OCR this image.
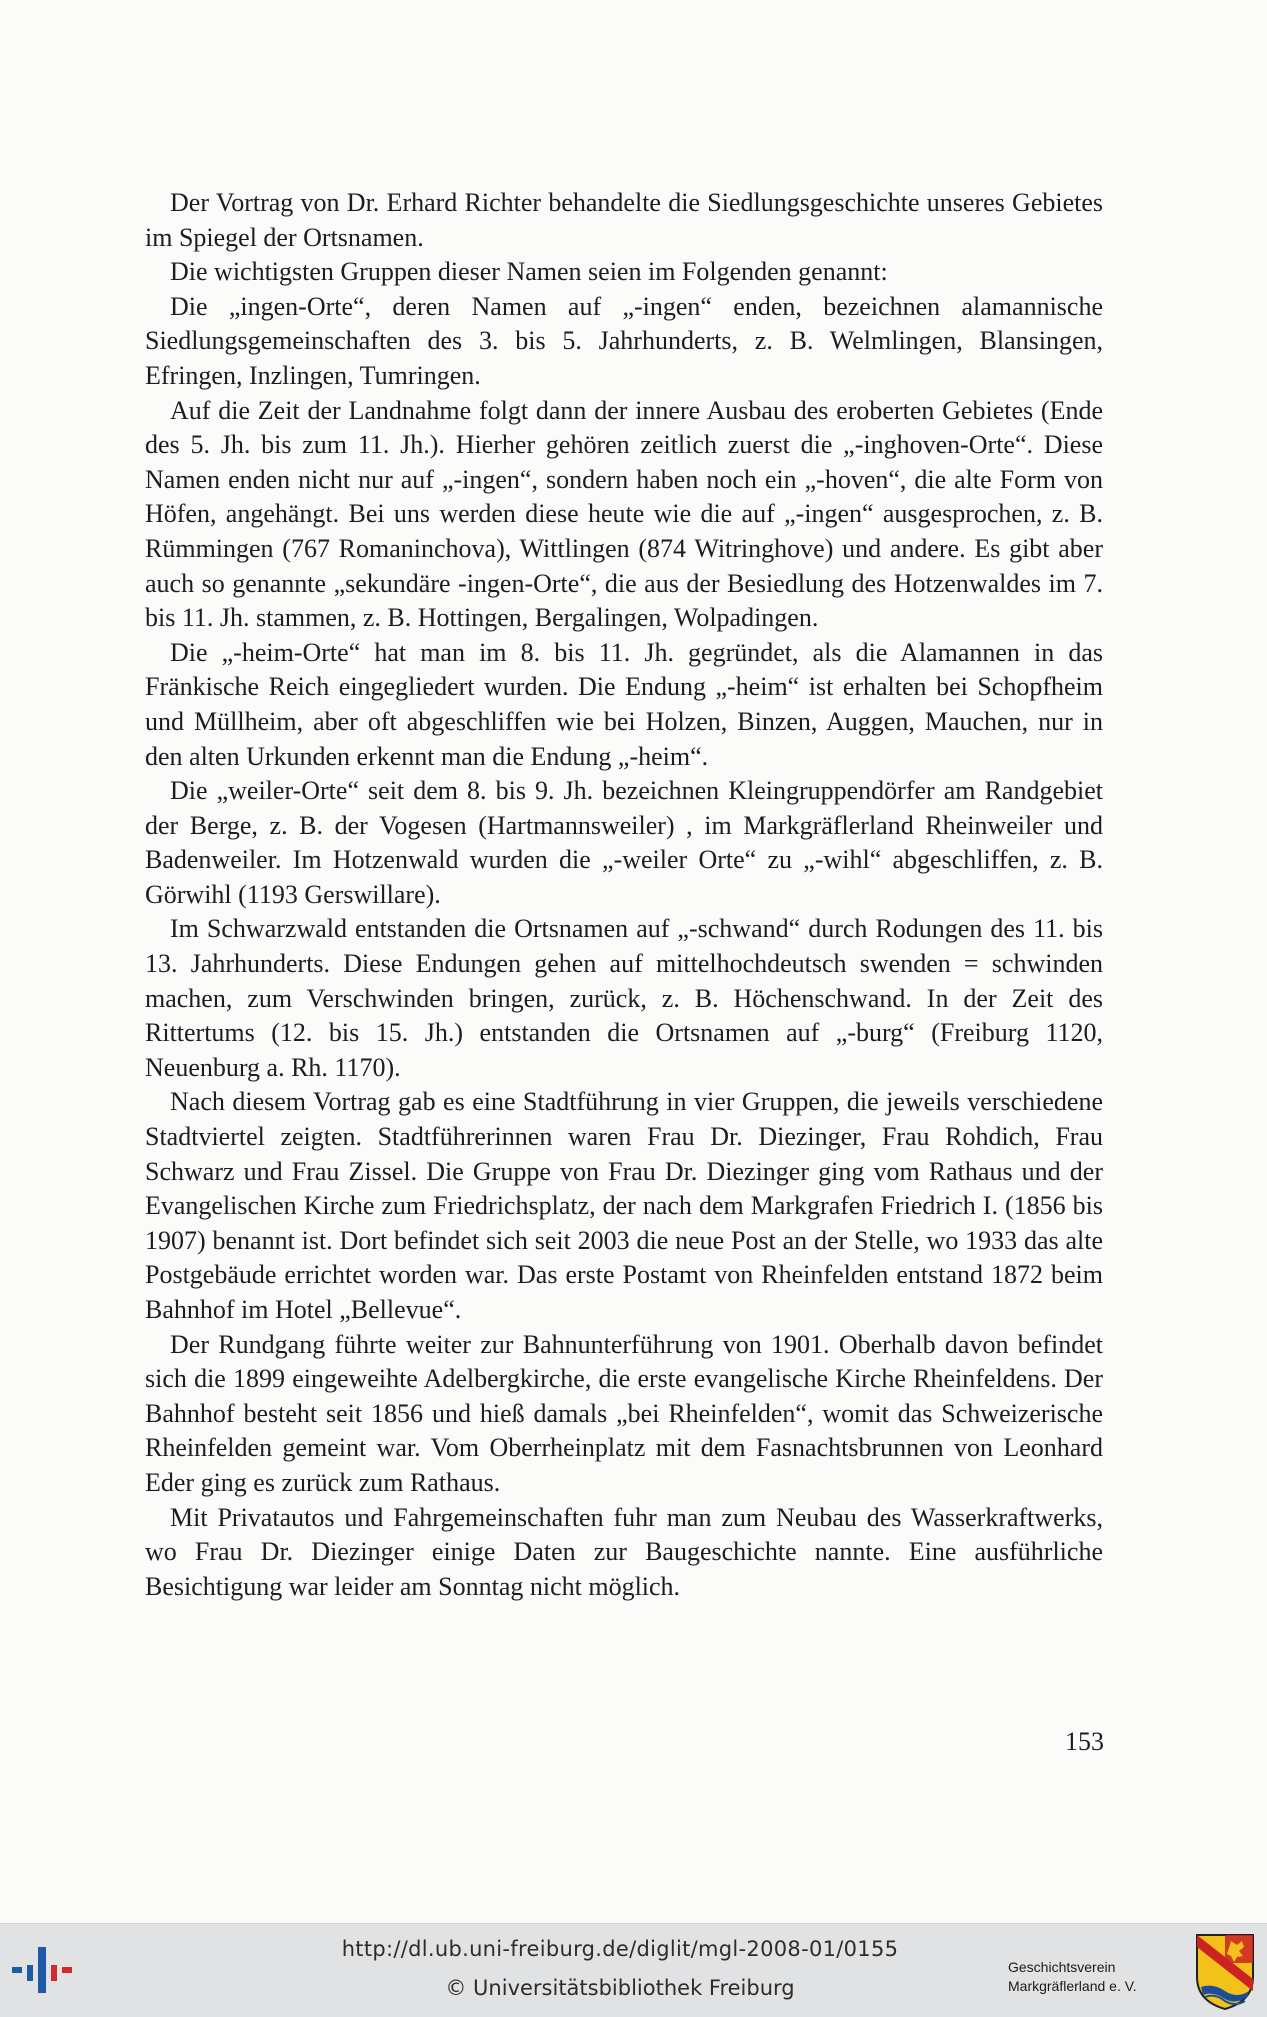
Der Vortrag von Dr. Erhard Richter behandelte die Siedlungsgeschichte unseres Gebietes im Spiegel der Ortsnamen.

Die wichtigsten Gruppen dieser Namen seien im Folgenden genannt:

Die „ingen-Orte“, deren Namen auf „-ingen“ enden, bezeichnen alamannische Siedlungsgemeinschaften des 3. bis 5. Jahrhunderts, z. B. Welmlingen, Blansingen, Efringen, Inzlingen, Tumringen.

Auf die Zeit der Landnahme folgt dann der innere Ausbau des eroberten Gebietes (Ende des 5. Jh. bis zum 11. Jh.). Hierher gehören zeitlich zuerst die „-inghoven-Orte“. Diese Namen enden nicht nur auf „-ingen“, sondern haben noch ein „-hoven“, die alte Form von Höfen, angehängt. Bei uns werden diese heute wie die auf „-ingen“ ausgesprochen, z. B. Rümmingen (767 Romaninchova), Wittlingen (874 Witringhove) und andere. Es gibt aber auch so genannte „sekundäre -ingen-Orte“, die aus der Besiedlung des Hotzenwaldes im 7. bis 11. Jh. stammen, z. B. Hottingen, Bergalingen, Wolpadingen.

Die „-heim-Orte“ hat man im 8. bis 11. Jh. gegründet, als die Alamannen in das Fränkische Reich eingegliedert wurden. Die Endung „-heim“ ist erhalten bei Schopfheim und Müllheim, aber oft abgeschliffen wie bei Holzen, Binzen, Auggen, Mauchen, nur in den alten Urkunden erkennt man die Endung „-heim“.

Die „weiler-Orte“ seit dem 8. bis 9. Jh. bezeichnen Kleingruppendörfer am Randgebiet der Berge, z. B. der Vogesen (Hartmannsweiler) , im Markgräflerland Rheinweiler und Badenweiler. Im Hotzenwald wurden die „-weiler Orte“ zu „-wihl“ abgeschliffen, z. B. Görwihl (1193 Gerswillare).

Im Schwarzwald entstanden die Ortsnamen auf „-schwand“ durch Rodungen des 11. bis 13. Jahrhunderts. Diese Endungen gehen auf mittelhochdeutsch swenden = schwinden machen, zum Verschwinden bringen, zurück, z. B. Höchenschwand. In der Zeit des Rittertums (12. bis 15. Jh.) entstanden die Ortsnamen auf „-burg“ (Freiburg 1120, Neuenburg a. Rh. 1170).

Nach diesem Vortrag gab es eine Stadtführung in vier Gruppen, die jeweils verschiedene Stadtviertel zeigten. Stadtführerinnen waren Frau Dr. Diezinger, Frau Rohdich, Frau Schwarz und Frau Zissel. Die Gruppe von Frau Dr. Diezinger ging vom Rathaus und der Evangelischen Kirche zum Friedrichsplatz, der nach dem Markgrafen Friedrich I. (1856 bis 1907) benannt ist. Dort befindet sich seit 2003 die neue Post an der Stelle, wo 1933 das alte Postgebäude errichtet worden war. Das erste Postamt von Rheinfelden entstand 1872 beim Bahnhof im Hotel „Bellevue“.

Der Rundgang führte weiter zur Bahnunterführung von 1901. Oberhalb davon befindet sich die 1899 eingeweihte Adelbergkirche, die erste evangelische Kirche Rheinfeldens. Der Bahnhof besteht seit 1856 und hieß damals „bei Rheinfelden“, womit das Schweizerische Rheinfelden gemeint war. Vom Oberrheinplatz mit dem Fasnachtsbrunnen von Leonhard Eder ging es zurück zum Rathaus.

Mit Privatautos und Fahrgemeinschaften fuhr man zum Neubau des Wasserkraftwerks, wo Frau Dr. Diezinger einige Daten zur Baugeschichte nannte. Eine ausführliche Besichtigung war leider am Sonntag nicht möglich.

153
http://dl.ub.uni-freiburg.de/diglit/mgl-2008-01/0155
© Universitätsbibliothek Freiburg
Geschichtsverein
Markgräflerland e. V.
